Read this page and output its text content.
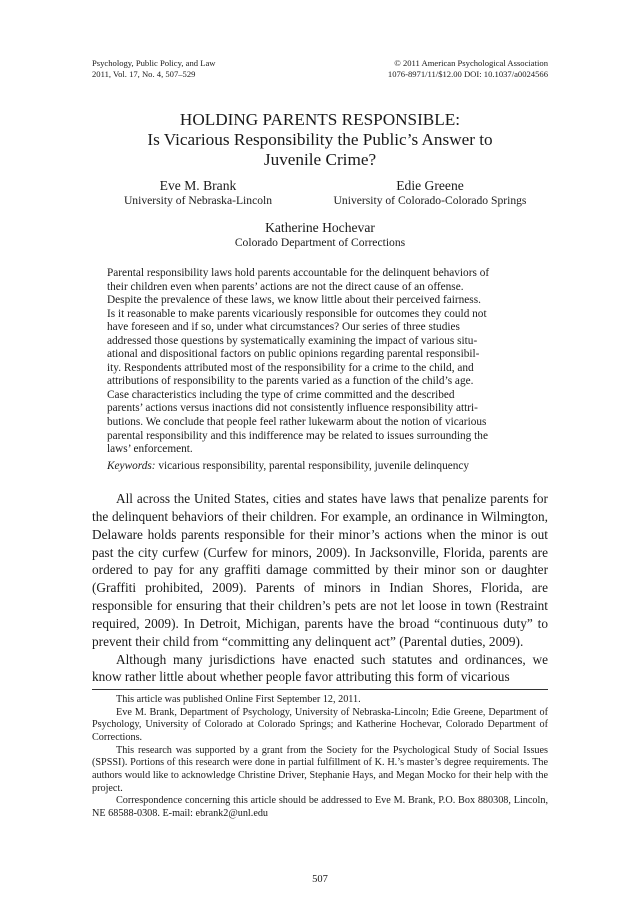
Psychology, Public Policy, and Law
2011, Vol. 17, No. 4, 507–529
© 2011 American Psychological Association
1076-8971/11/$12.00 DOI: 10.1037/a0024566
HOLDING PARENTS RESPONSIBLE:
Is Vicarious Responsibility the Public’s Answer to
Juvenile Crime?
Eve M. Brank
University of Nebraska-Lincoln
Edie Greene
University of Colorado-Colorado Springs
Katherine Hochevar
Colorado Department of Corrections
Parental responsibility laws hold parents accountable for the delinquent behaviors of
their children even when parents’ actions are not the direct cause of an offense.
Despite the prevalence of these laws, we know little about their perceived fairness.
Is it reasonable to make parents vicariously responsible for outcomes they could not
have foreseen and if so, under what circumstances? Our series of three studies
addressed those questions by systematically examining the impact of various situ-
ational and dispositional factors on public opinions regarding parental responsibil-
ity. Respondents attributed most of the responsibility for a crime to the child, and
attributions of responsibility to the parents varied as a function of the child’s age.
Case characteristics including the type of crime committed and the described
parents’ actions versus inactions did not consistently influence responsibility attri-
butions. We conclude that people feel rather lukewarm about the notion of vicarious
parental responsibility and this indifference may be related to issues surrounding the
laws’ enforcement.
Keywords: vicarious responsibility, parental responsibility, juvenile delinquency

All across the United States, cities and states have laws that penalize parents for the delinquent behaviors of their children. For example, an ordinance in Wilmington, Delaware holds parents responsible for their minor’s actions when the minor is out past the city curfew (Curfew for minors, 2009). In Jacksonville, Florida, parents are ordered to pay for any graffiti damage committed by their minor son or daughter (Graffiti prohibited, 2009). Parents of minors in Indian Shores, Florida, are responsible for ensuring that their children’s pets are not let loose in town (Restraint required, 2009). In Detroit, Michigan, parents have the broad “continuous duty” to prevent their child from “committing any delinquent act” (Parental duties, 2009).

Although many jurisdictions have enacted such statutes and ordinances, we know rather little about whether people favor attributing this form of vicarious

This article was published Online First September 12, 2011.

Eve M. Brank, Department of Psychology, University of Nebraska-Lincoln; Edie Greene, Department of Psychology, University of Colorado at Colorado Springs; and Katherine Hochevar, Colorado Department of Corrections.

This research was supported by a grant from the Society for the Psychological Study of Social Issues (SPSSI). Portions of this research were done in partial fulfillment of K. H.’s master’s degree requirements. The authors would like to acknowledge Christine Driver, Stephanie Hays, and Megan Mocko for their help with the project.

Correspondence concerning this article should be addressed to Eve M. Brank, P.O. Box 880308, Lincoln, NE 68588-0308. E-mail: ebrank2@unl.edu

507
